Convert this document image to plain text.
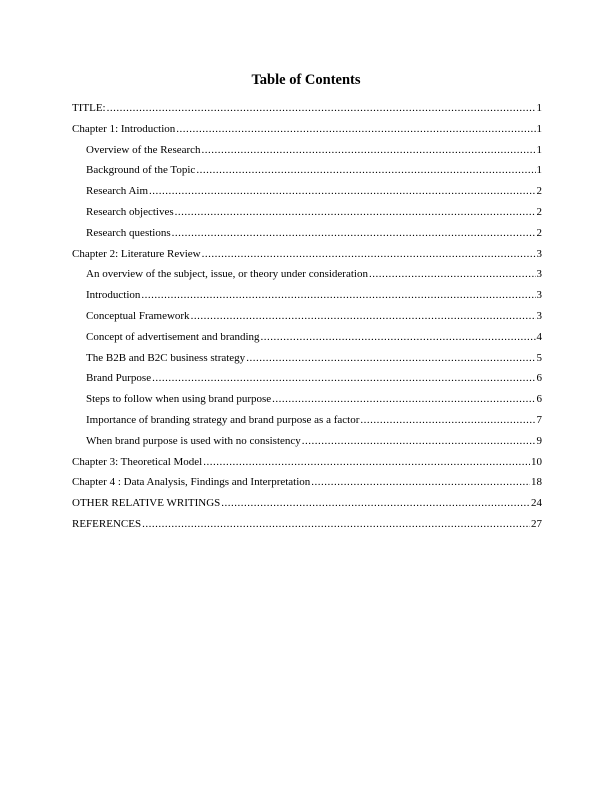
Table of Contents
TITLE: .....	1
Chapter 1: Introduction .....	1
Overview of the Research .....	1
Background of the Topic .....	1
Research Aim .....	2
Research objectives .....	2
Research questions .....	2
Chapter 2: Literature Review .....	3
An overview of the subject, issue, or theory under consideration .....	3
Introduction .....	3
Conceptual Framework .....	3
Concept of advertisement and branding .....	4
The B2B and B2C business strategy .....	5
Brand Purpose .....	6
Steps to follow when using brand purpose .....	6
Importance of branding strategy and brand purpose as a factor .....	7
When brand purpose is used with no consistency .....	9
Chapter 3: Theoretical Model .....	10
Chapter 4 : Data Analysis, Findings and Interpretation .....	18
OTHER RELATIVE WRITINGS .....	24
REFERENCES .....	27
